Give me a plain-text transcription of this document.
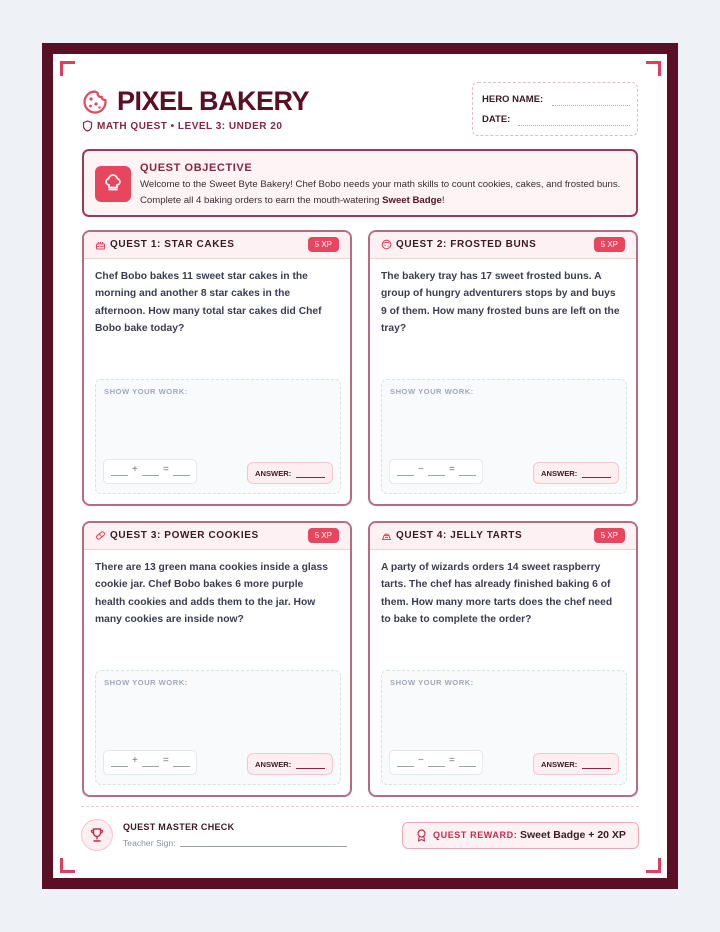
PIXEL BAKERY
MATH QUEST • LEVEL 3: UNDER 20
HERO NAME:
DATE:
QUEST OBJECTIVE
Welcome to the Sweet Byte Bakery! Chef Bobo needs your math skills to count cookies, cakes, and frosted buns. Complete all 4 baking orders to earn the mouth-watering Sweet Badge!
QUEST 1: STAR CAKES	5 XP
Chef Bobo bakes 11 sweet star cakes in the morning and another 8 star cakes in the afternoon. How many total star cakes did Chef Bobo bake today?
SHOW YOUR WORK:
+	=	ANSWER:
QUEST 2: FROSTED BUNS	5 XP
The bakery tray has 17 sweet frosted buns. A group of hungry adventurers stops by and buys 9 of them. How many frosted buns are left on the tray?
SHOW YOUR WORK:
−	=	ANSWER:
QUEST 3: POWER COOKIES	5 XP
There are 13 green mana cookies inside a glass cookie jar. Chef Bobo bakes 6 more purple health cookies and adds them to the jar. How many cookies are inside now?
SHOW YOUR WORK:
+	=	ANSWER:
QUEST 4: JELLY TARTS	5 XP
A party of wizards orders 14 sweet raspberry tarts. The chef has already finished baking 6 of them. How many more tarts does the chef need to bake to complete the order?
SHOW YOUR WORK:
−	=	ANSWER:
QUEST MASTER CHECK
Teacher Sign:
QUEST REWARD: Sweet Badge + 20 XP
